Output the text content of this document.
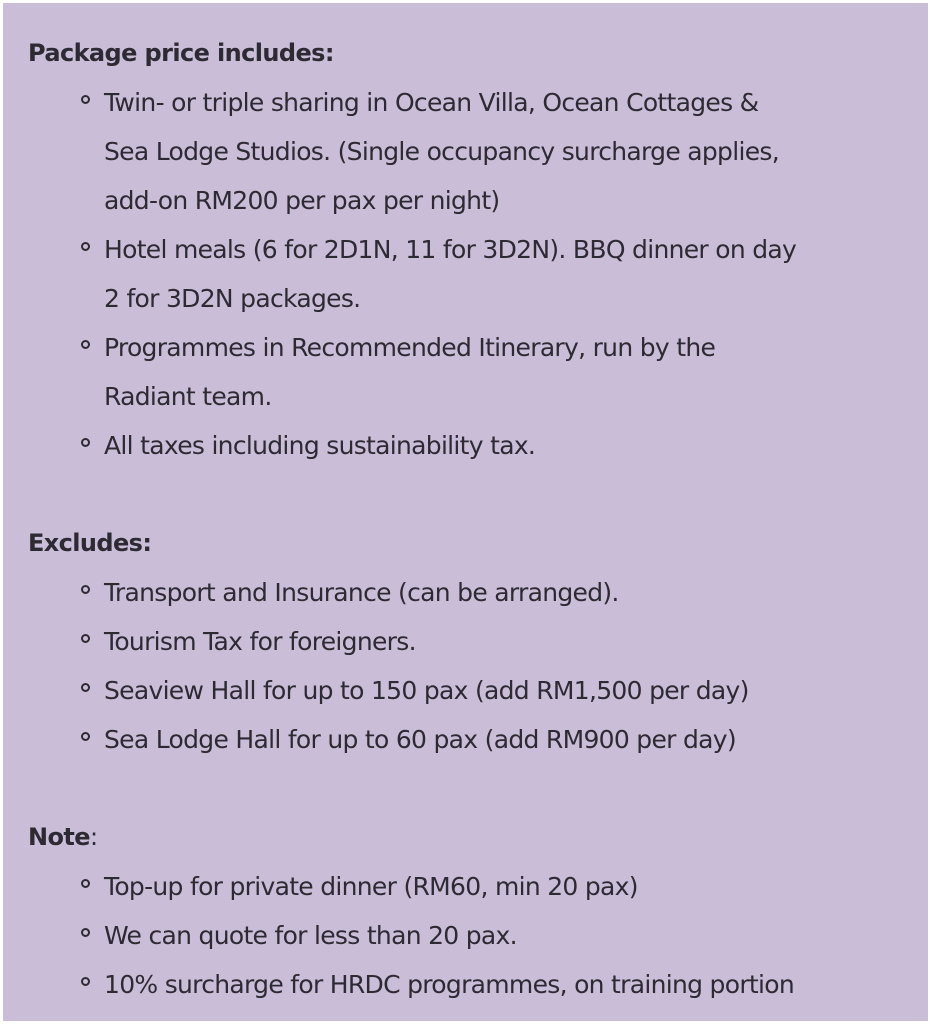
Package price includes:

Twin- or triple sharing in Ocean Villa, Ocean Cottages &
Sea Lodge Studios. (Single occupancy surcharge applies,
add-on RM200 per pax per night)
Hotel meals (6 for 2D1N, 11 for 3D2N). BBQ dinner on day
2 for 3D2N packages.
Programmes in Recommended Itinerary, run by the
Radiant team.
All taxes including sustainability tax.

Excludes:

Transport and Insurance (can be arranged).
Tourism Tax for foreigners.
Seaview Hall for up to 150 pax (add RM1,500 per day)
Sea Lodge Hall for up to 60 pax (add RM900 per day)

Note:

Top-up for private dinner (RM60, min 20 pax)
We can quote for less than 20 pax.
10% surcharge for HRDC programmes, on training portion
